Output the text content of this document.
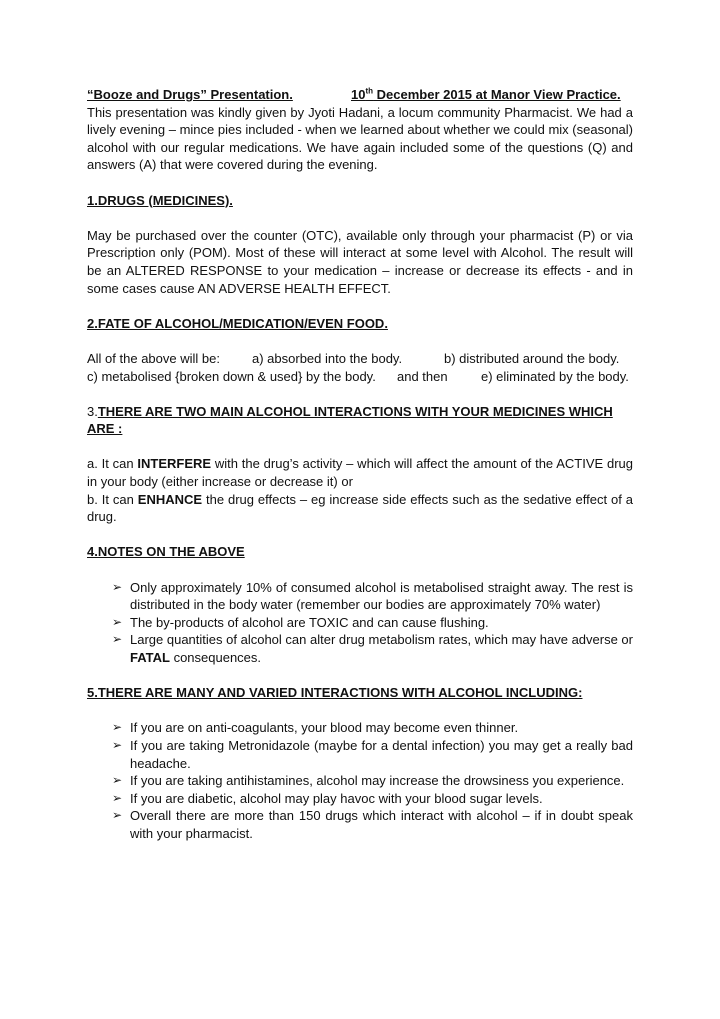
“Booze and Drugs” Presentation.	10th December 2015 at Manor View Practice.

This presentation was kindly given by Jyoti Hadani, a locum community Pharmacist. We had a lively evening – mince pies included - when we learned about whether we could mix (seasonal) alcohol with our regular medications. We have again included some of the questions (Q) and answers (A) that were covered during the evening.

1.DRUGS (MEDICINES).

May be purchased over the counter (OTC), available only through your pharmacist (P) or via Prescription only (POM). Most of these will interact at some level with Alcohol. The result will be an ALTERED RESPONSE to your medication – increase or decrease its effects - and in some cases cause AN ADVERSE HEALTH EFFECT.

2.FATE OF ALCOHOL/MEDICATION/EVEN FOOD.

All of the above will be:	a) absorbed into the body.	b) distributed around the body.
c) metabolised {broken down & used} by the body.	and then	e) eliminated by the body.

3.THERE ARE TWO MAIN ALCOHOL INTERACTIONS WITH YOUR MEDICINES WHICH ARE :

a. It can INTERFERE with the drug’s activity – which will affect the amount of the ACTIVE drug in your body (either increase or decrease it) or

b. It can ENHANCE the drug effects – eg increase side effects such as the sedative effect of a drug.

4.NOTES ON THE ABOVE

➢ Only approximately 10% of consumed alcohol is metabolised straight away. The rest is distributed in the body water (remember our bodies are approximately 70% water)
➢ The by-products of alcohol are TOXIC and can cause flushing.
➢ Large quantities of alcohol can alter drug metabolism rates, which may have adverse or FATAL consequences.

5.THERE ARE MANY AND VARIED INTERACTIONS WITH ALCOHOL INCLUDING:

➢ If you are on anti-coagulants, your blood may become even thinner.
➢ If you are taking Metronidazole (maybe for a dental infection) you may get a really bad headache.
➢ If you are taking antihistamines, alcohol may increase the drowsiness you experience.
➢ If you are diabetic, alcohol may play havoc with your blood sugar levels.
➢ Overall there are more than 150 drugs which interact with alcohol – if in doubt speak with your pharmacist.
